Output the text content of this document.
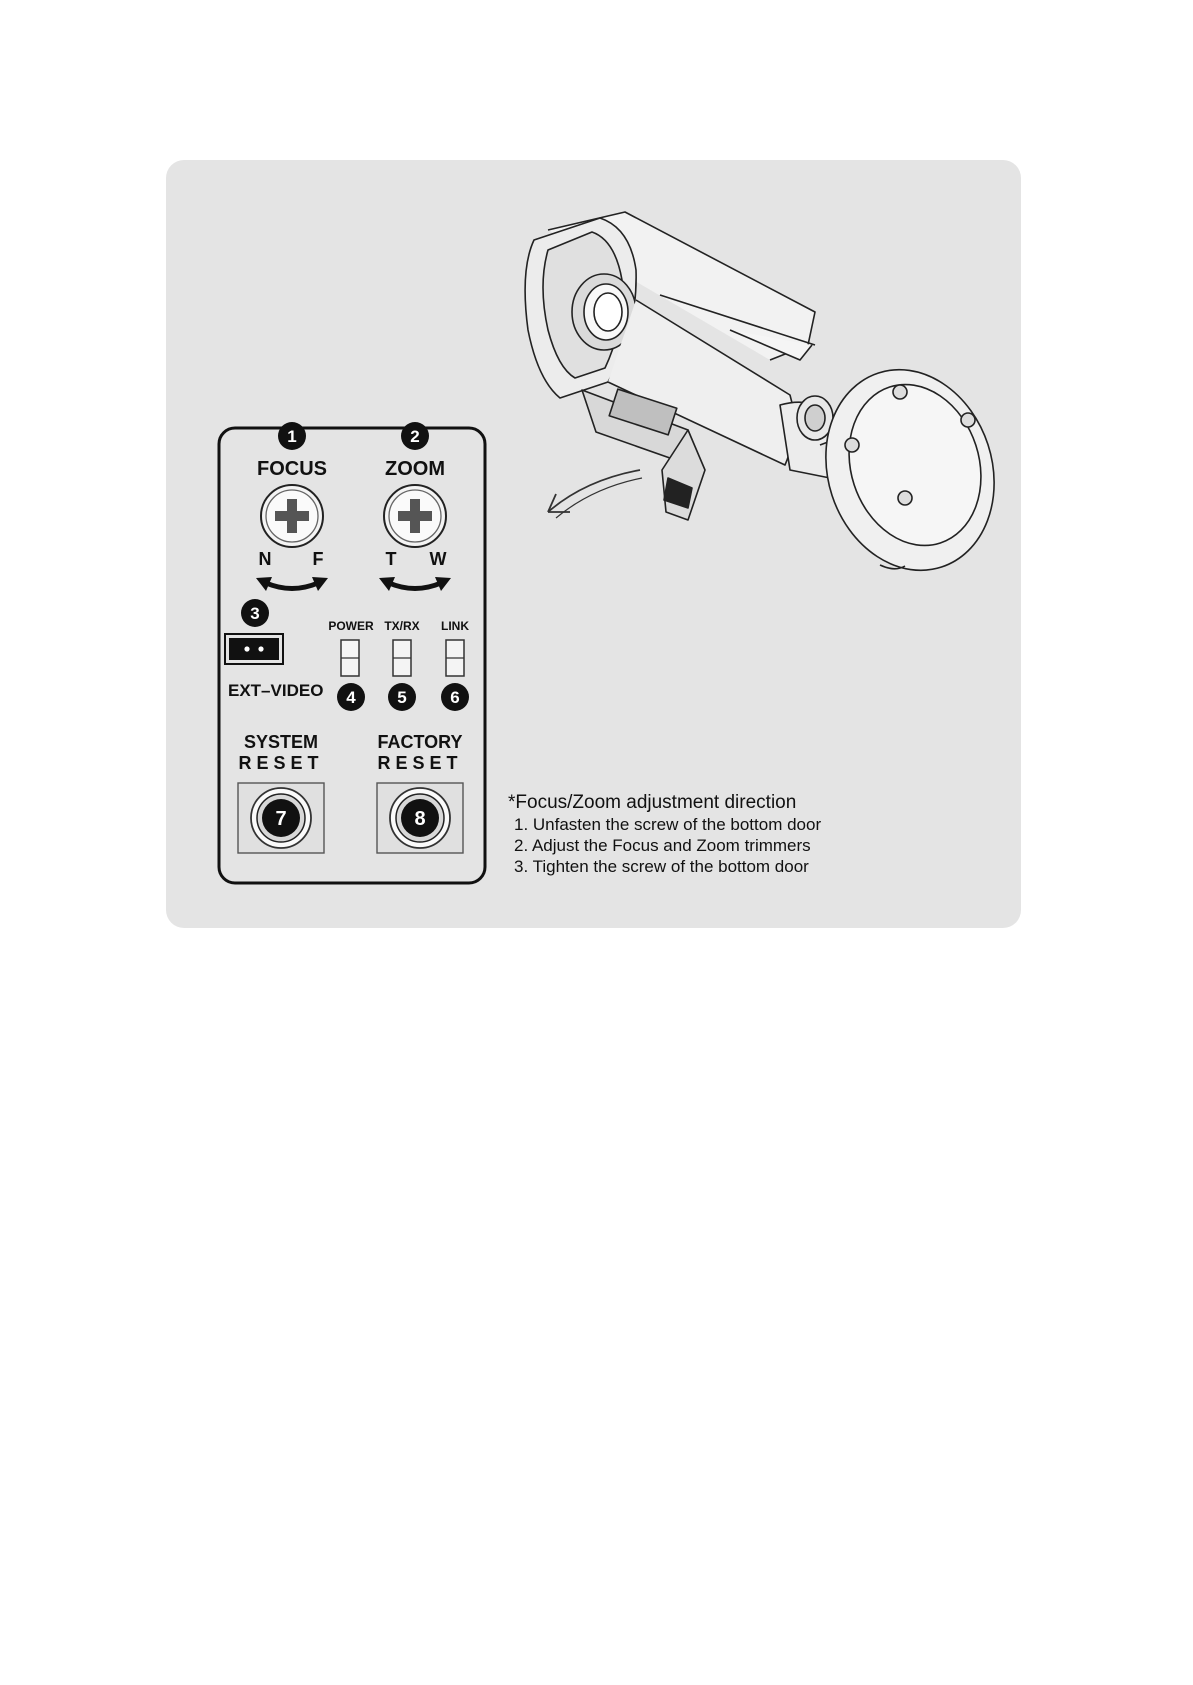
1
FOCUS
N F
2
ZOOM
T W
3
EXT–VIDEO
POWER
4
TX/RX
5
LINK
6
SYSTEM
RESET
7
FACTORY
RESET
8
*Focus/Zoom adjustment direction
1. Unfasten the screw of the bottom door
2. Adjust the Focus and Zoom trimmers
3. Tighten the screw of the bottom door
